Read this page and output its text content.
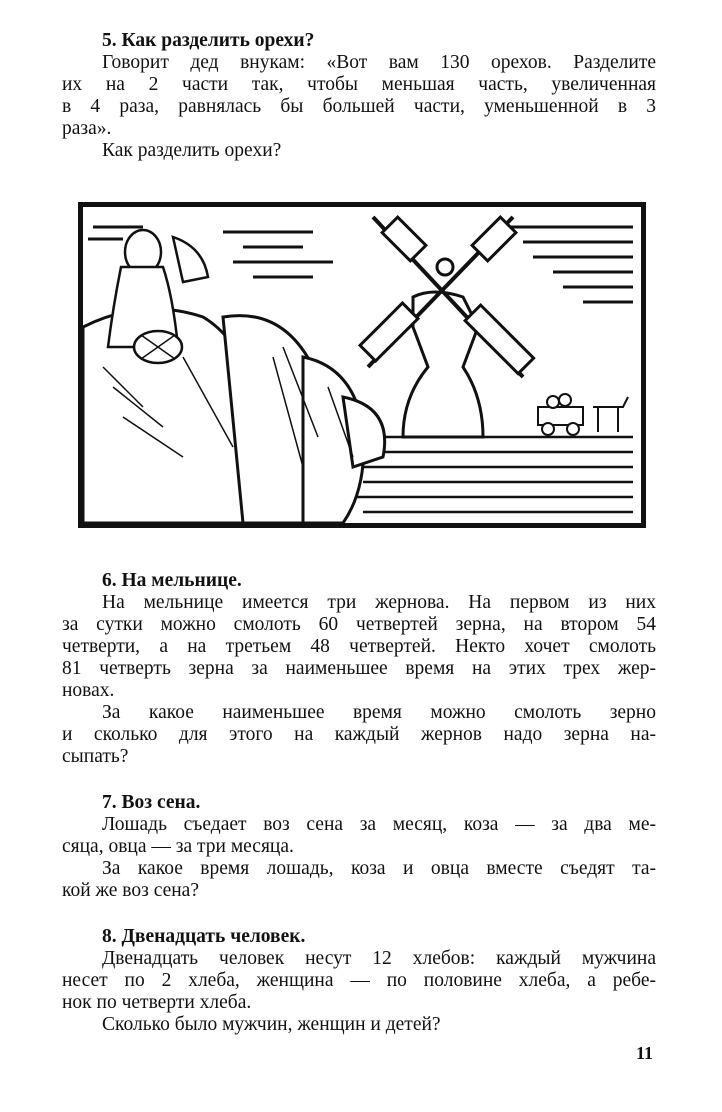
5. Как разделить орехи?

Говорит дед внукам: «Вот вам 130 орехов. Разделите
их на 2 части так, чтобы меньшая часть, увеличенная
в 4 раза, равнялась бы большей части, уменьшенной в 3
раза».
Как разделить орехи?

6. На мельнице.

На мельнице имеется три жернова. На первом из них
за сутки можно смолоть 60 четвертей зерна, на втором 54
четверти, а на третьем 48 четвертей. Некто хочет смолоть
81 четверть зерна за наименьшее время на этих трех жер-
новах.
За какое наименьшее время можно смолоть зерно
и сколько для этого на каждый жернов надо зерна на-
сыпать?

7. Воз сена.

Лошадь съедает воз сена за месяц, коза — за два ме-
сяца, овца — за три месяца.
За какое время лошадь, коза и овца вместе съедят та-
кой же воз сена?

8. Двенадцать человек.

Двенадцать человек несут 12 хлебов: каждый мужчина
несет по 2 хлеба, женщина — по половине хлеба, а ребе-
нок по четверти хлеба.
Сколько было мужчин, женщин и детей?
11
